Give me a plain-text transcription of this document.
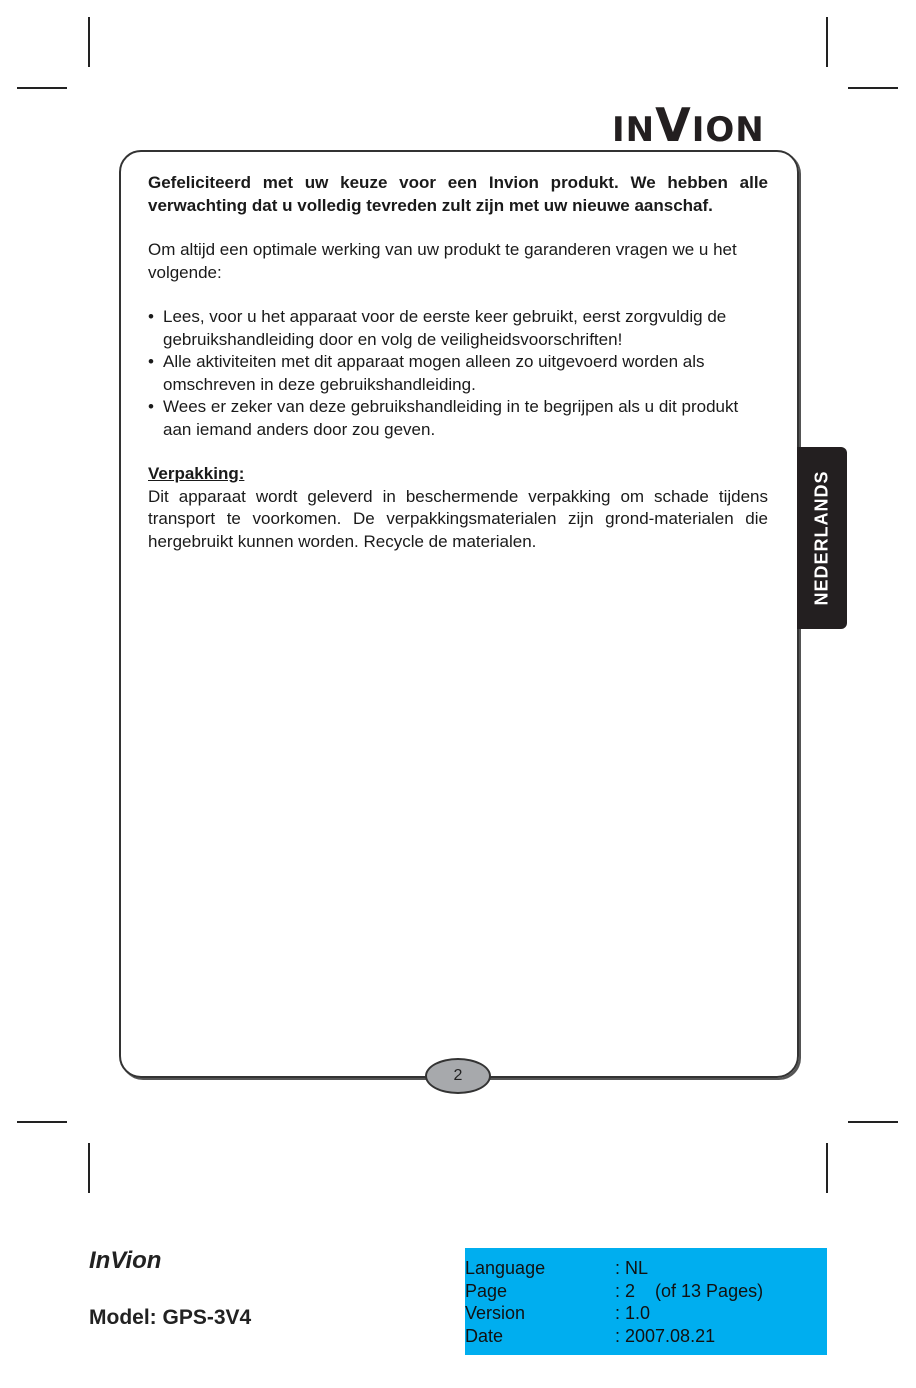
INVION

Gefeliciteerd met uw keuze voor een Invion produkt. We hebben alle verwachting dat u volledig tevreden zult zijn met uw nieuwe aanschaf.

Om altijd een optimale werking van uw produkt te garanderen vragen we u het volgende:

• Lees, voor u het apparaat voor de eerste keer gebruikt, eerst zorgvuldig de gebruikshandleiding door en volg de veiligheidsvoorschriften!
• Alle aktiviteiten met dit apparaat mogen alleen zo uitgevoerd worden als omschreven in deze gebruikshandleiding.
• Wees er zeker van deze gebruikshandleiding in te begrijpen als u dit produkt aan iemand anders door zou geven.

Verpakking:

Dit apparaat wordt geleverd in beschermende verpakking om schade tijdens transport te voorkomen. De verpakkingsmaterialen zijn grond-materialen die hergebruikt kunnen worden. Recycle de materialen.	NEDERLANDS
2
InVion
Model: GPS-3V4
Language	: NL
Page	: 2    (of 13 Pages)
Version	: 1.0
Date	: 2007.08.21
